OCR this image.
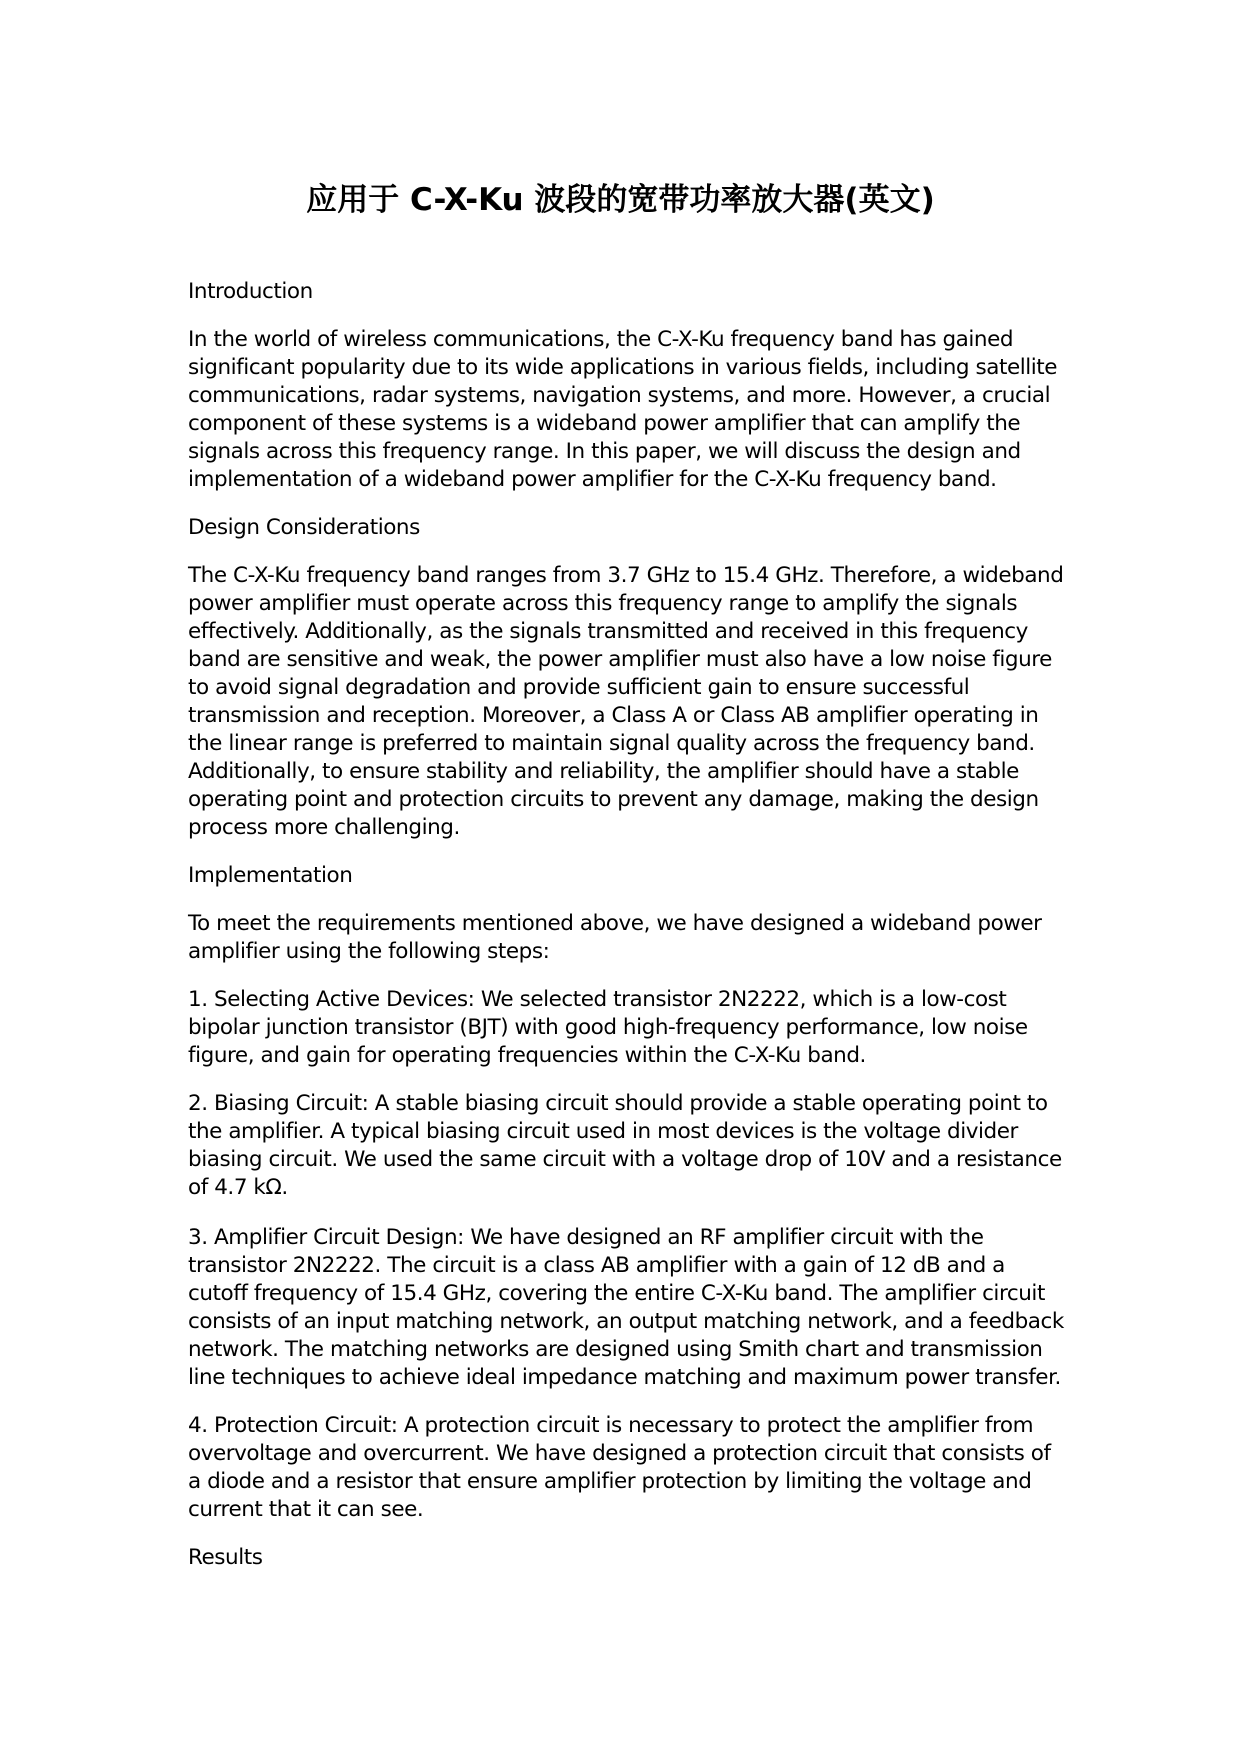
应用于 C-X-Ku 波段的宽带功率放大器(英文)

Introduction

In the world of wireless communications, the C-X-Ku frequency band has gained significant popularity due to its wide applications in various fields, including satellite communications, radar systems, navigation systems, and more. However, a crucial component of these systems is a wideband power amplifier that can amplify the signals across this frequency range. In this paper, we will discuss the design and implementation of a wideband power amplifier for the C-X-Ku frequency band.

Design Considerations

The C-X-Ku frequency band ranges from 3.7 GHz to 15.4 GHz. Therefore, a wideband power amplifier must operate across this frequency range to amplify the signals effectively. Additionally, as the signals transmitted and received in this frequency band are sensitive and weak, the power amplifier must also have a low noise figure to avoid signal degradation and provide sufficient gain to ensure successful transmission and reception. Moreover, a Class A or Class AB amplifier operating in the linear range is preferred to maintain signal quality across the frequency band. Additionally, to ensure stability and reliability, the amplifier should have a stable operating point and protection circuits to prevent any damage, making the design process more challenging.

Implementation

To meet the requirements mentioned above, we have designed a wideband power amplifier using the following steps:

1. Selecting Active Devices: We selected transistor 2N2222, which is a low-cost bipolar junction transistor (BJT) with good high-frequency performance, low noise figure, and gain for operating frequencies within the C-X-Ku band.

2. Biasing Circuit: A stable biasing circuit should provide a stable operating point to the amplifier. A typical biasing circuit used in most devices is the voltage divider biasing circuit. We used the same circuit with a voltage drop of 10V and a resistance of 4.7 kΩ.

3. Amplifier Circuit Design: We have designed an RF amplifier circuit with the transistor 2N2222. The circuit is a class AB amplifier with a gain of 12 dB and a cutoff frequency of 15.4 GHz, covering the entire C-X-Ku band. The amplifier circuit consists of an input matching network, an output matching network, and a feedback network. The matching networks are designed using Smith chart and transmission line techniques to achieve ideal impedance matching and maximum power transfer.

4. Protection Circuit: A protection circuit is necessary to protect the amplifier from overvoltage and overcurrent. We have designed a protection circuit that consists of a diode and a resistor that ensure amplifier protection by limiting the voltage and current that it can see.

Results
